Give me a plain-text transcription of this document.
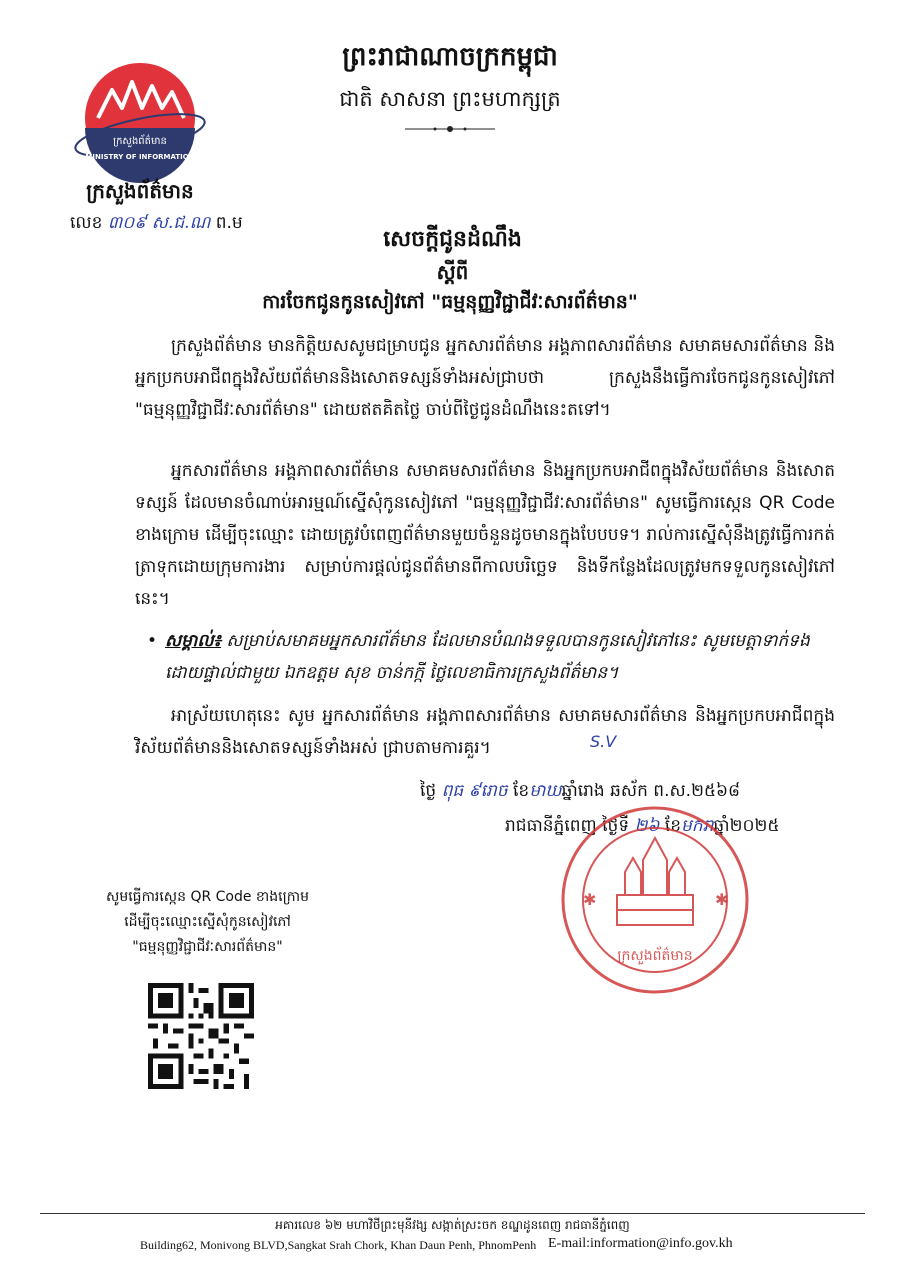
ព្រះរាជាណាចក្រកម្ពុជា
ជាតិ សាសនា ព្រះមហាក្សត្រ
ក្រសួងព័ត៌មាន
MINISTRY OF INFORMATION
ក្រសួងព័ត៌មាន
លេខ ៣០៩ ស.ជ.ណ ព.ម
សេចក្តីជូនដំណឹង
ស្តីពី
ការចែកជូនកូនសៀវភៅ "ធម្មនុញ្ញវិជ្ជាជីវៈសារព័ត៌មាន"
ក្រសួងព័ត៌មាន មានកិត្តិយសសូមជម្រាបជូន អ្នកសារព័ត៌មាន អង្គភាពសារព័ត៌មាន សមាគមសារព័ត៌មាន និងអ្នកប្រកបអាជីពក្នុងវិស័យព័ត៌មាននិងសោតទស្សន៍ទាំងអស់ជ្រាបថា ក្រសួងនឹងធ្វើការចែកជូនកូនសៀវភៅ "ធម្មនុញ្ញវិជ្ជាជីវៈសារព័ត៌មាន" ដោយឥតគិតថ្លៃ ចាប់ពីថ្ងៃជូនដំណឹងនេះតទៅ។
អ្នកសារព័ត៌មាន អង្គភាពសារព័ត៌មាន សមាគមសារព័ត៌មាន និងអ្នកប្រកបអាជីពក្នុងវិស័យព័ត៌មាន និងសោតទស្សន៍ ដែលមានចំណាប់អារម្មណ៍ស្នើសុំកូនសៀវភៅ "ធម្មនុញ្ញវិជ្ជាជីវៈសារព័ត៌មាន" សូមធ្វើការស្កេន QR Code ខាងក្រោម ដើម្បីចុះឈ្មោះ ដោយត្រូវបំពេញព័ត៌មានមួយចំនួនដូចមានក្នុងបែបបទ។ រាល់ការស្នើសុំនឹងត្រូវធ្វើការកត់ត្រាទុកដោយក្រុមការងារ សម្រាប់ការផ្តល់ជូនព័ត៌មានពីកាលបរិច្ឆេទ និងទីកន្លែងដែលត្រូវមកទទួលកូនសៀវភៅនេះ។
• សម្គាល់៖ សម្រាប់សមាគមអ្នកសារព័ត៌មាន ដែលមានបំណងទទួលបានកូនសៀវភៅនេះ សូមមេត្តាទាក់ទងដោយផ្ទាល់ជាមួយ ឯកឧត្តម សុខ ចាន់កក្កី ថ្លៃលេខាធិការក្រសួងព័ត៌មាន។
អាស្រ័យហេតុនេះ សូម អ្នកសារព័ត៌មាន អង្គភាពសារព័ត៌មាន សមាគមសារព័ត៌មាន និងអ្នកប្រកបអាជីពក្នុងវិស័យព័ត៌មាននិងសោតទស្សន៍ទាំងអស់ ជ្រាបតាមការគួរ។	S.V
ថ្ងៃ ពុធ ៩រោច ខែមាឃឆ្នាំរោង ឆស័ក ព.ស.២៥៦៨
រាជធានីភ្នំពេញ ថ្ងៃទី ២៦ ខែមករាឆ្នាំ២០២៥
✱	✱
ក្រសួងព័ត៌មាន
សូមធ្វើការស្កេន QR Code ខាងក្រោម
ដើម្បីចុះឈ្មោះស្នើសុំកូនសៀវភៅ
"ធម្មនុញ្ញវិជ្ជាជីវៈសារព័ត៌មាន"
អគារលេខ ៦២ មហាវិថីព្រះមុនីវង្ស សង្កាត់ស្រះចក ខណ្ឌដូនពេញ រាជធានីភ្នំពេញ
Building62, Monivong BLVD,Sangkat Srah Chork, Khan Daun Penh, PhnomPenh E-mail:information@info.gov.kh
